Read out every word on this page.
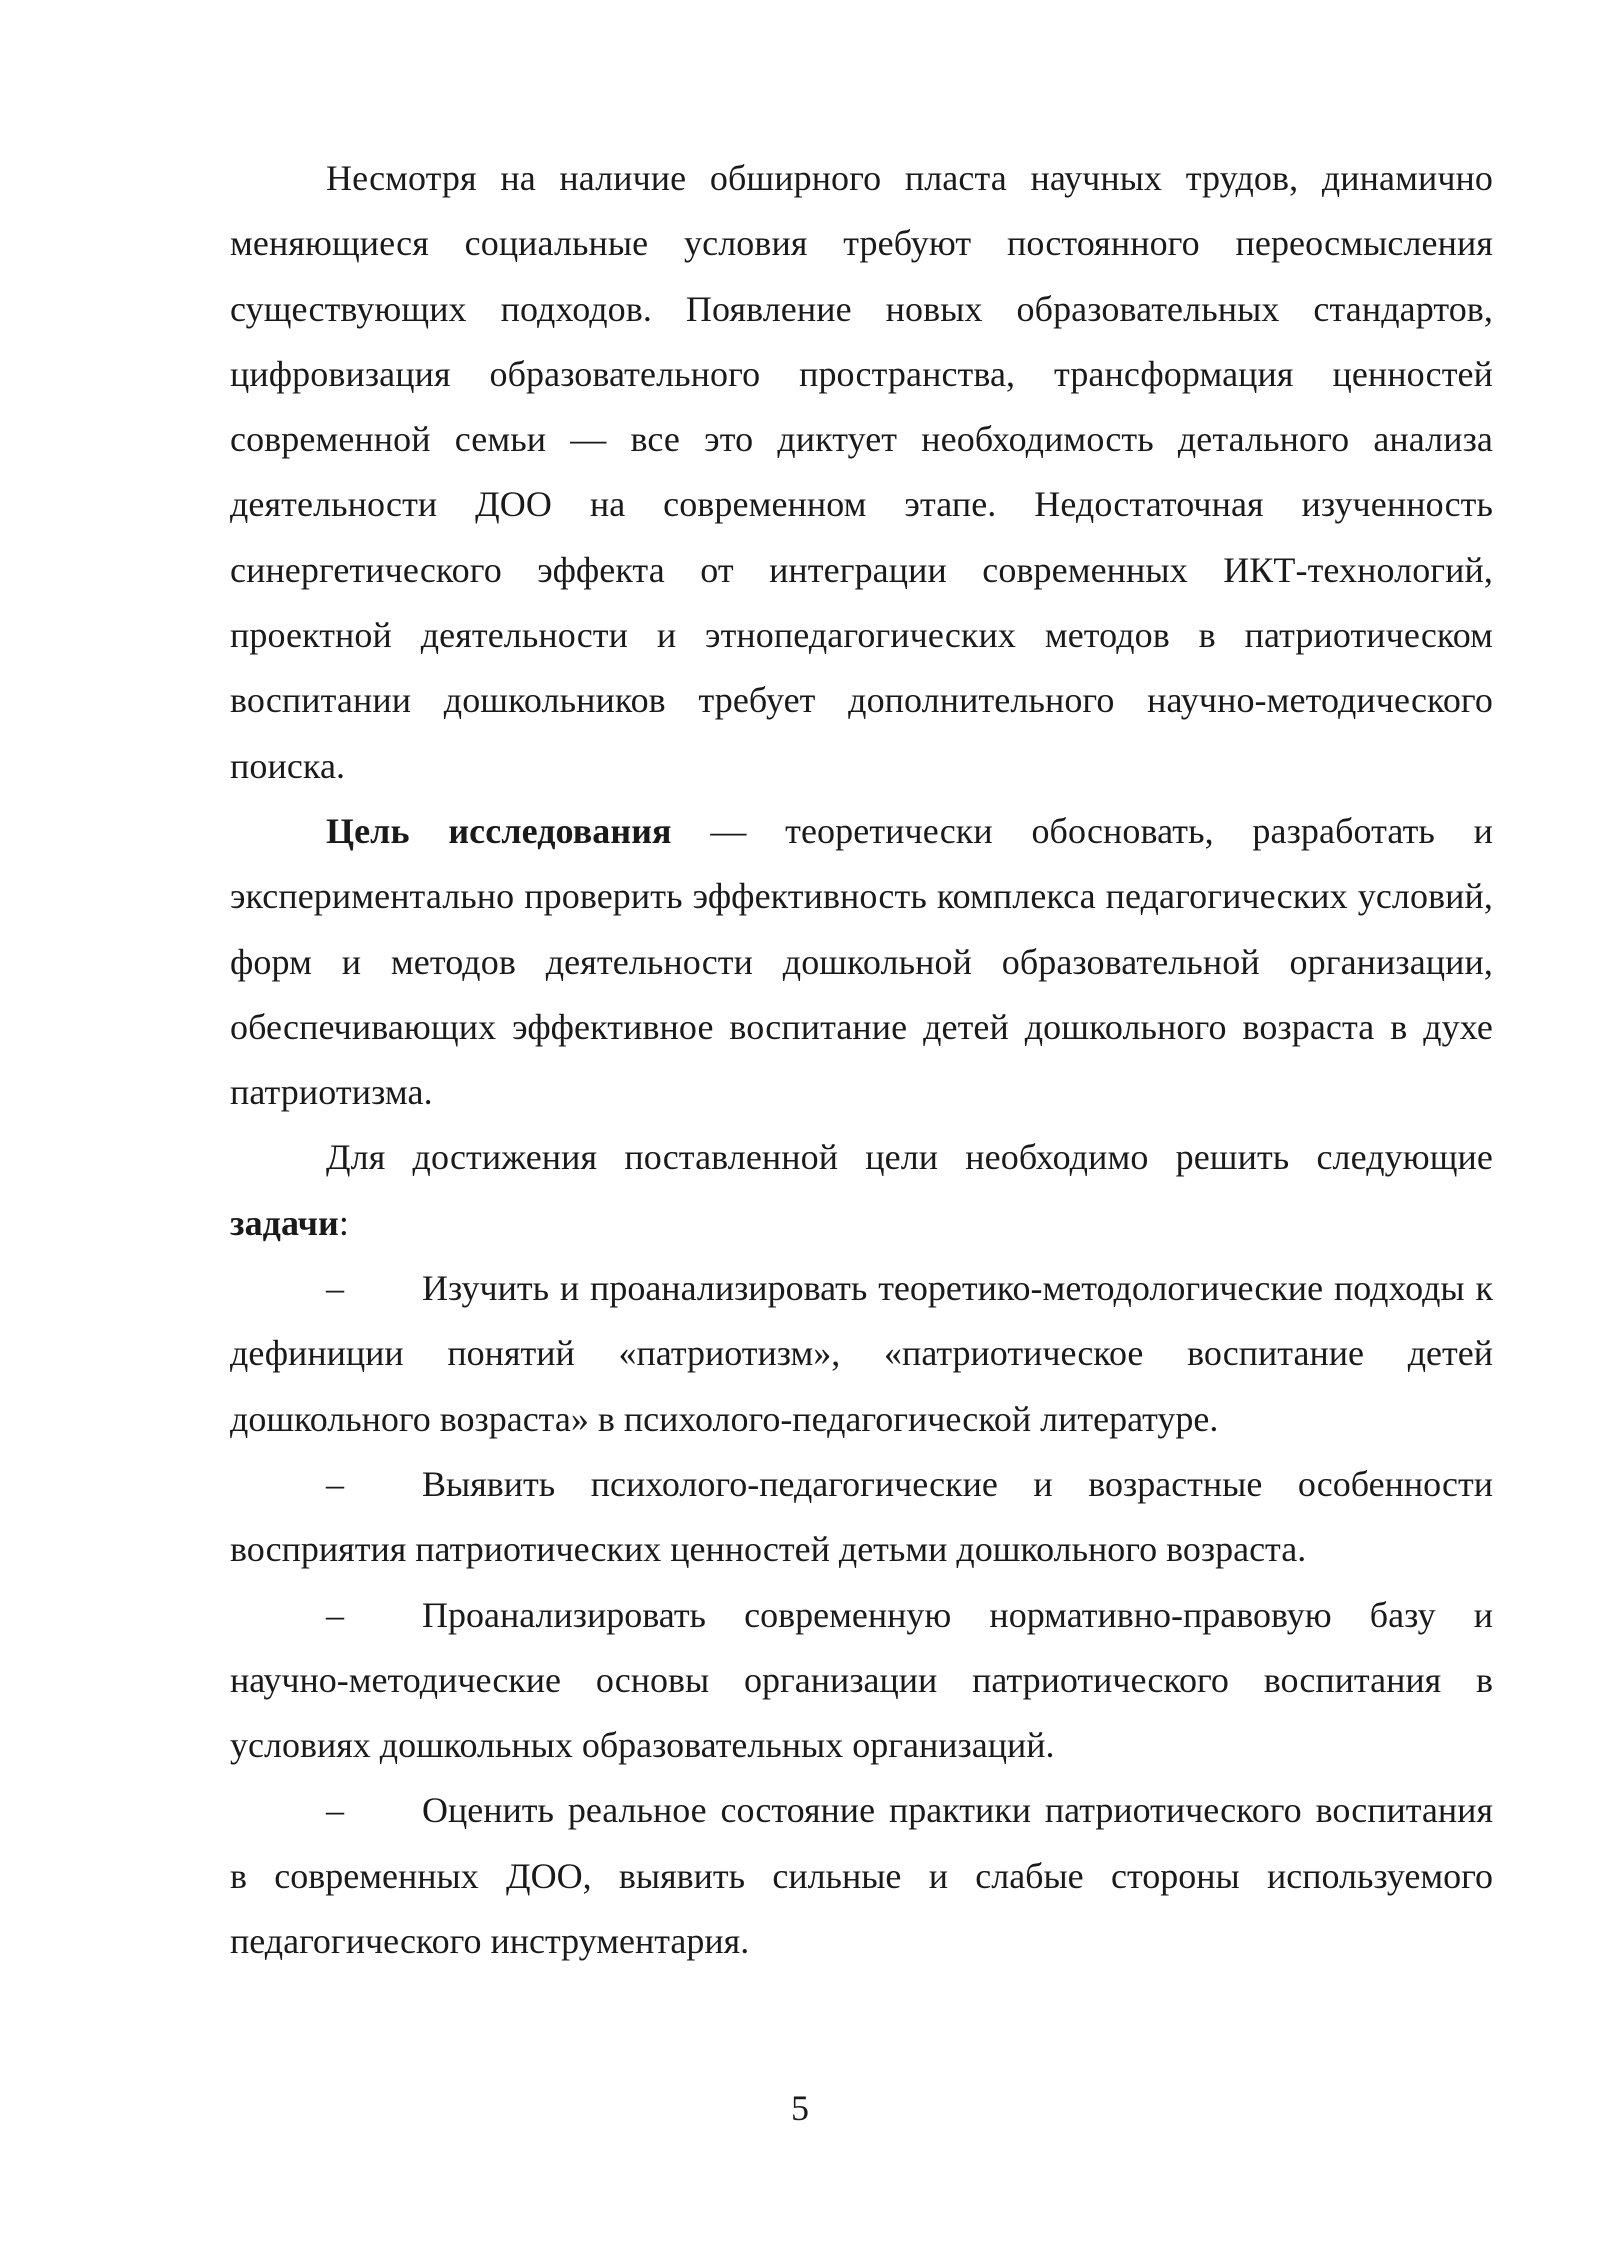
Несмотря на наличие обширного пласта научных трудов, динамично меняющиеся социальные условия требуют постоянного переосмысления существующих подходов. Появление новых образовательных стандартов, цифровизация образовательного пространства, трансформация ценностей современной семьи — все это диктует необходимость детального анализа деятельности ДОО на современном этапе. Недостаточная изученность синергетического эффекта от интеграции современных ИКТ-технологий, проектной деятельности и этнопедагогических методов в патриотическом воспитании дошкольников требует дополнительного научно-методического поиска.

Цель исследования — теоретически обосновать, разработать и экспериментально проверить эффективность комплекса педагогических условий, форм и методов деятельности дошкольной образовательной организации, обеспечивающих эффективное воспитание детей дошкольного возраста в духе патриотизма.

Для достижения поставленной цели необходимо решить следующие задачи:

– Изучить и проанализировать теоретико-методологические подходы к дефиниции понятий «патриотизм», «патриотическое воспитание детей дошкольного возраста» в психолого-педагогической литературе.

– Выявить психолого-педагогические и возрастные особенности восприятия патриотических ценностей детьми дошкольного возраста.

– Проанализировать современную нормативно-правовую базу и научно-методические основы организации патриотического воспитания в условиях дошкольных образовательных организаций.

– Оценить реальное состояние практики патриотического воспитания в современных ДОО, выявить сильные и слабые стороны используемого педагогического инструментария.

5
